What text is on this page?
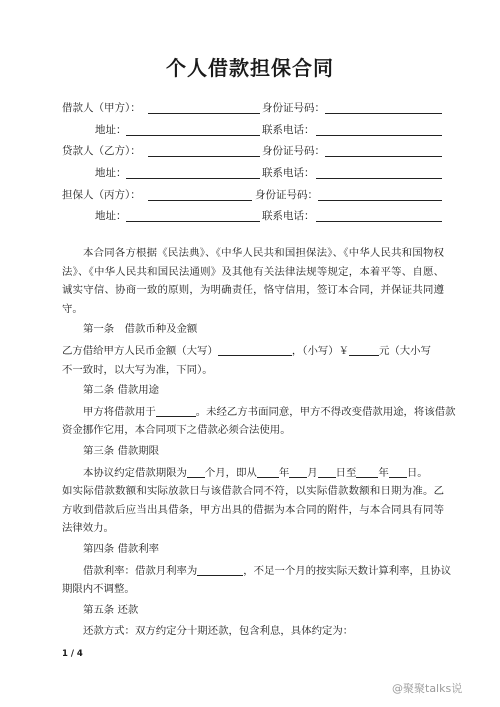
个人借款担保合同
借款人（甲方）：	身份证号码：
地址：	联系电话：
贷款人（乙方）：	身份证号码：
地址：	联系电话：
担保人（丙方）：	身份证号码：
地址：	联系电话：

本合同各方根据《民法典》、《中华人民共和国担保法》、《中华人民共和国物权法》、《中华人民共和国民法通则》及其他有关法律法规等规定，本着平等、自愿、诚实守信、协商一致的原则，为明确责任，恪守信用，签订本合同，并保证共同遵守。

第一条　借款币种及金额

乙方借给甲方人民币金额（大写）	，（小写）￥	元（大小写

不一致时，以大写为准，下同）。

第二条 借款用途

甲方将借款用于	。未经乙方书面同意，甲方不得改变借款用途，将该借款

资金挪作它用，本合同项下之借款必须合法使用。

第三条 借款期限

本协议约定借款期限为 个月，即从 年 月 日至 年 日。

如实际借款数额和实际放款日与该借款合同不符，以实际借款数额和日期为准。乙方收到借款后应当出具借条，甲方出具的借据为本合同的附件，与本合同具有同等法律效力。

第四条 借款利率

借款利率：借款月利率为	，不足一个月的按实际天数计算利率，且协议

期限内不调整。

第五条 还款

还款方式：双方约定分十期还款，包含利息，具体约定为：

1 / 4
@聚聚talks说
